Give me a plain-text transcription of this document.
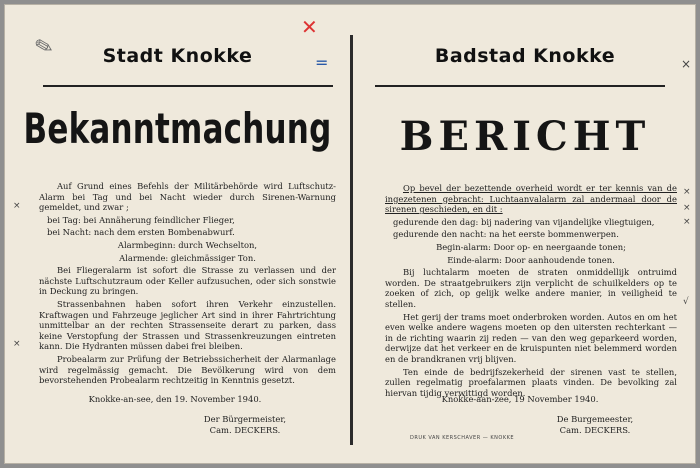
Stadt Knokke
Bekanntmachung

Auf Grund eines Befehls der Militärbehörde wird Luftschutz-Alarm bei Tag und bei Nacht wieder durch Sirenen-Warnung gemeldet, und zwar ;

bei Tag: bei Annäherung feindlicher Flieger,

bei Nacht: nach dem ersten Bombenabwurf.

Alarmbeginn: durch Wechselton,

Alarmende: gleichmässiger Ton.

Bei Fliegeralarm ist sofort die Strasse zu verlassen und der nächste Luftschutzraum oder Keller aufzusuchen, oder sich sonstwie in Deckung zu bringen.

Strassenbahnen haben sofort ihren Verkehr einzustellen. Kraftwagen und Fahrzeuge jeglicher Art sind in ihrer Fahrtrichtung unmittelbar an der rechten Strassenseite derart zu parken, dass keine Verstopfung der Strassen und Strassenkreuzungen eintreten kann. Die Hydranten müssen dabei frei bleiben.

Probealarm zur Prüfung der Betriebssicherheit der Alarmanlage wird regelmässig gemacht. Die Bevölkerung wird von dem bevorstehenden Probealarm rechtzeitig in Kenntnis gesetzt.

Knokke-an-see, den 19. November 1940.
Der Bürgermeister,
Cam. DECKERS.
✎
✕
=
×
×
Badstad Knokke
BERICHT

Op bevel der bezettende overheid wordt er ter kennis van de ingezetenen gebracht: Luchtaanvalalarm zal andermaal door de sirenen geschieden, en dit :

gedurende den dag: bij nadering van vijandelijke vliegtuigen,

gedurende den nacht: na het eerste bommenwerpen.

Begin-alarm: Door op- en neergaande tonen;

Einde-alarm: Door aanhoudende tonen.

Bij luchtalarm moeten de straten onmiddellijk ontruimd worden. De straatgebruikers zijn verplicht de schuilkelders op te zoeken of zich, op gelijk welke andere manier, in veiligheid te stellen.

Het gerij der trams moet onderbroken worden. Autos en om het even welke andere wagens moeten op den uitersten rechterkant — in de richting waarin zij reden — van den weg geparkeerd worden, derwijze dat het verkeer en de kruispunten niet belemmerd worden en de brandkranen vrij blijven.

Ten einde de bedrijfszekerheid der sirenen vast te stellen, zullen regelmatig proefalarmen plaats vinden. De bevolking zal hiervan tijdig verwittigd worden.

Knokke-aan-zee, 19 November 1940.
De Burgemeester,
Cam. DECKERS.
DRUK VAN KERSCHAVER — KNOKKE
×
×
×
×
√
